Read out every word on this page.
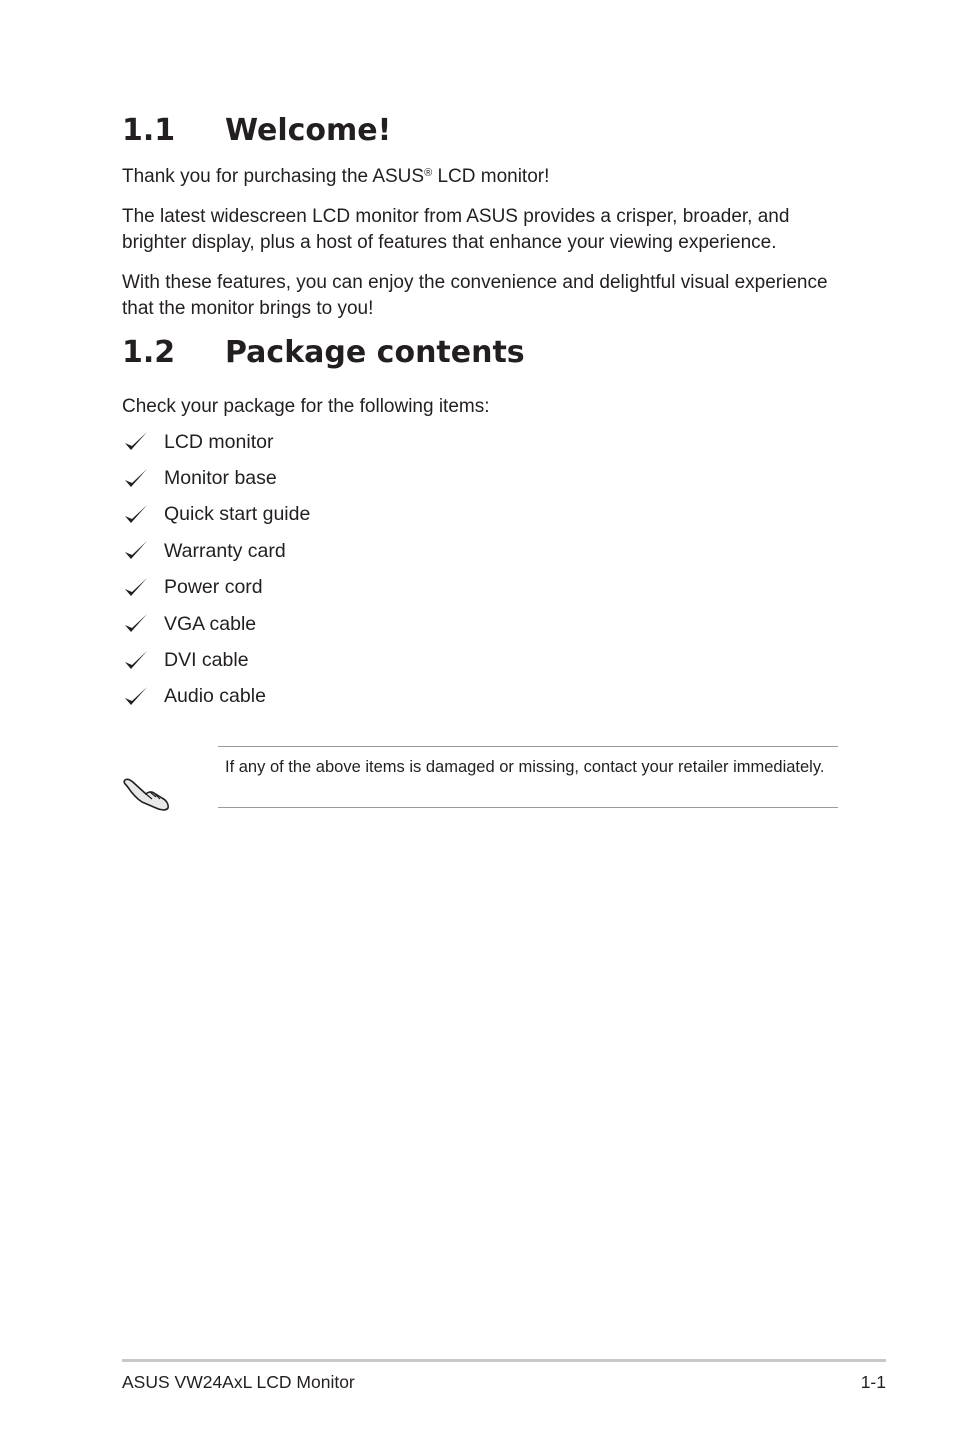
1.1 Welcome!

Thank you for purchasing the ASUS® LCD monitor!

The latest widescreen LCD monitor from ASUS provides a crisper, broader, and brighter display, plus a host of features that enhance your viewing experience.

With these features, you can enjoy the convenience and delightful visual experience that the monitor brings to you!

1.2 Package contents

Check your package for the following items:

LCD monitor
Monitor base
Quick start guide
Warranty card
Power cord
VGA cable
DVI cable
Audio cable

If any of the above items is damaged or missing, contact your retailer immediately.

ASUS VW24AxL LCD Monitor	1-1
